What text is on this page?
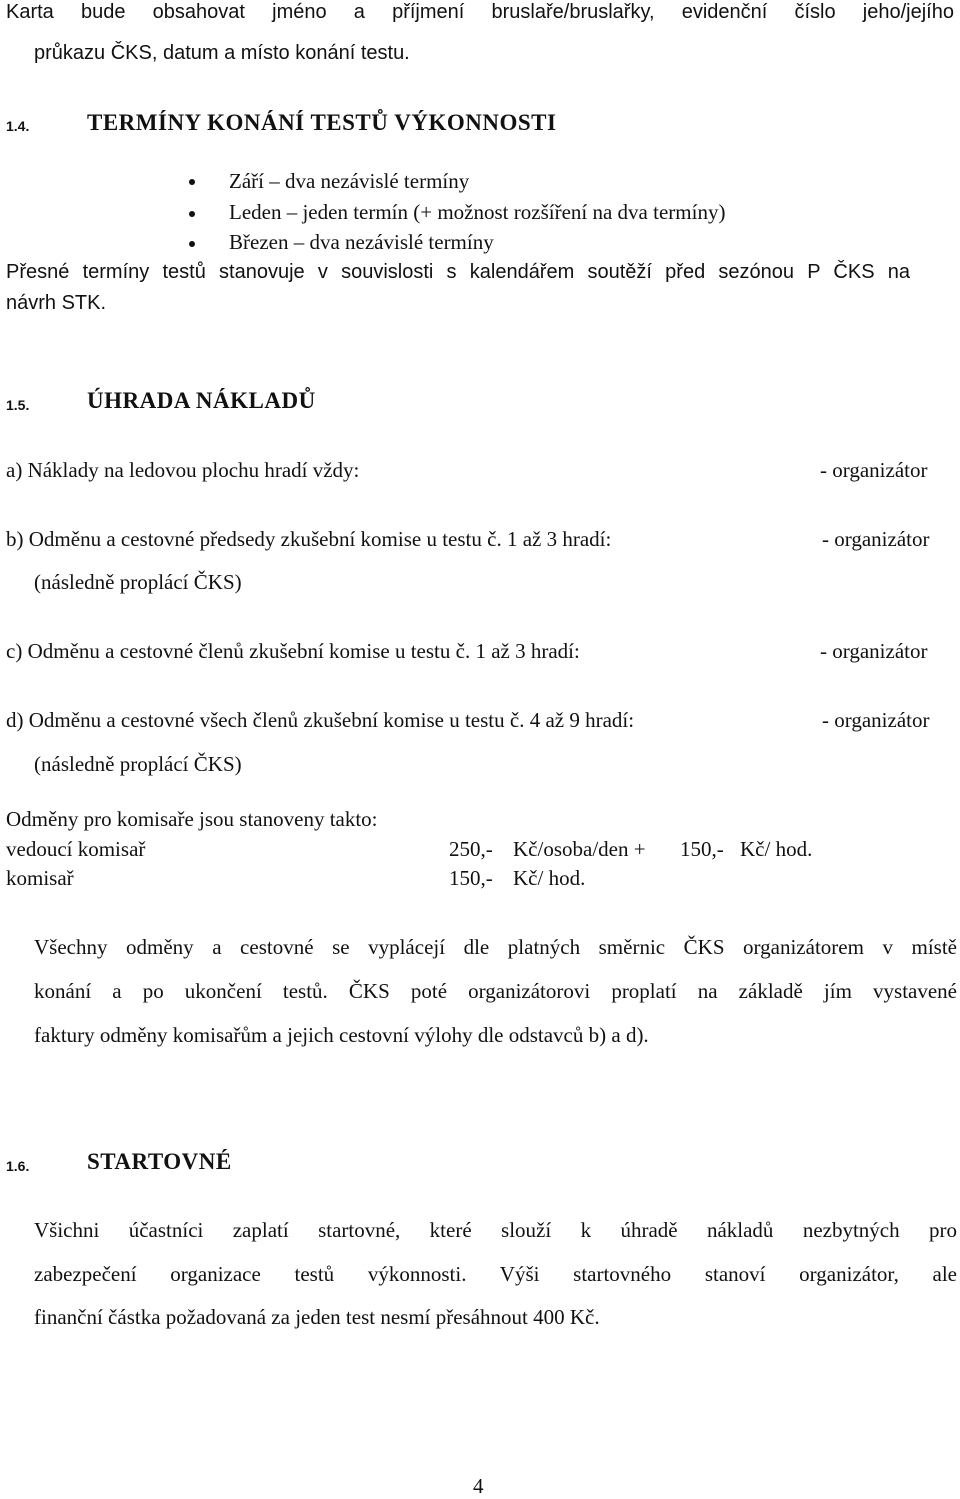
Karta bude obsahovat jméno a příjmení bruslaře/bruslařky, evidenční číslo jeho/jejího
průkazu ČKS, datum a místo konání testu.
1.4.	TERMÍNY KONÁNÍ TESTŮ VÝKONNOSTI
Září – dva nezávislé termíny
Leden – jeden termín (+ možnost rozšíření na dva termíny)
Březen – dva nezávislé termíny
Přesné termíny testů stanovuje v souvislosti s kalendářem soutěží před sezónou P ČKS na
návrh STK.
1.5.	ÚHRADA NÁKLADŮ
a) Náklady na ledovou plochu hradí vždy:	- organizátor
b) Odměnu a cestovné předsedy zkušební komise u testu č. 1 až 3 hradí:	- organizátor
(následně proplácí ČKS)
c) Odměnu a cestovné členů zkušební komise u testu č. 1 až 3 hradí:	- organizátor
d) Odměnu a cestovné všech členů zkušební komise u testu č. 4 až 9 hradí:	- organizátor
(následně proplácí ČKS)
Odměny pro komisaře jsou stanoveny takto:
vedoucí komisař	250,- Kč/osoba/den + 150,- Kč/ hod.
komisař	150,- Kč/ hod.
Všechny odměny a cestovné se vyplácejí dle platných směrnic ČKS organizátorem v místě
konání a po ukončení testů. ČKS poté organizátorovi proplatí na základě jím vystavené
faktury odměny komisařům a jejich cestovní výlohy dle odstavců b) a d).
1.6.	STARTOVNÉ
Všichni účastníci zaplatí startovné, které slouží k úhradě nákladů nezbytných pro
zabezpečení organizace testů výkonnosti. Výši startovného stanoví organizátor, ale
finanční částka požadovaná za jeden test nesmí přesáhnout 400 Kč.
4
